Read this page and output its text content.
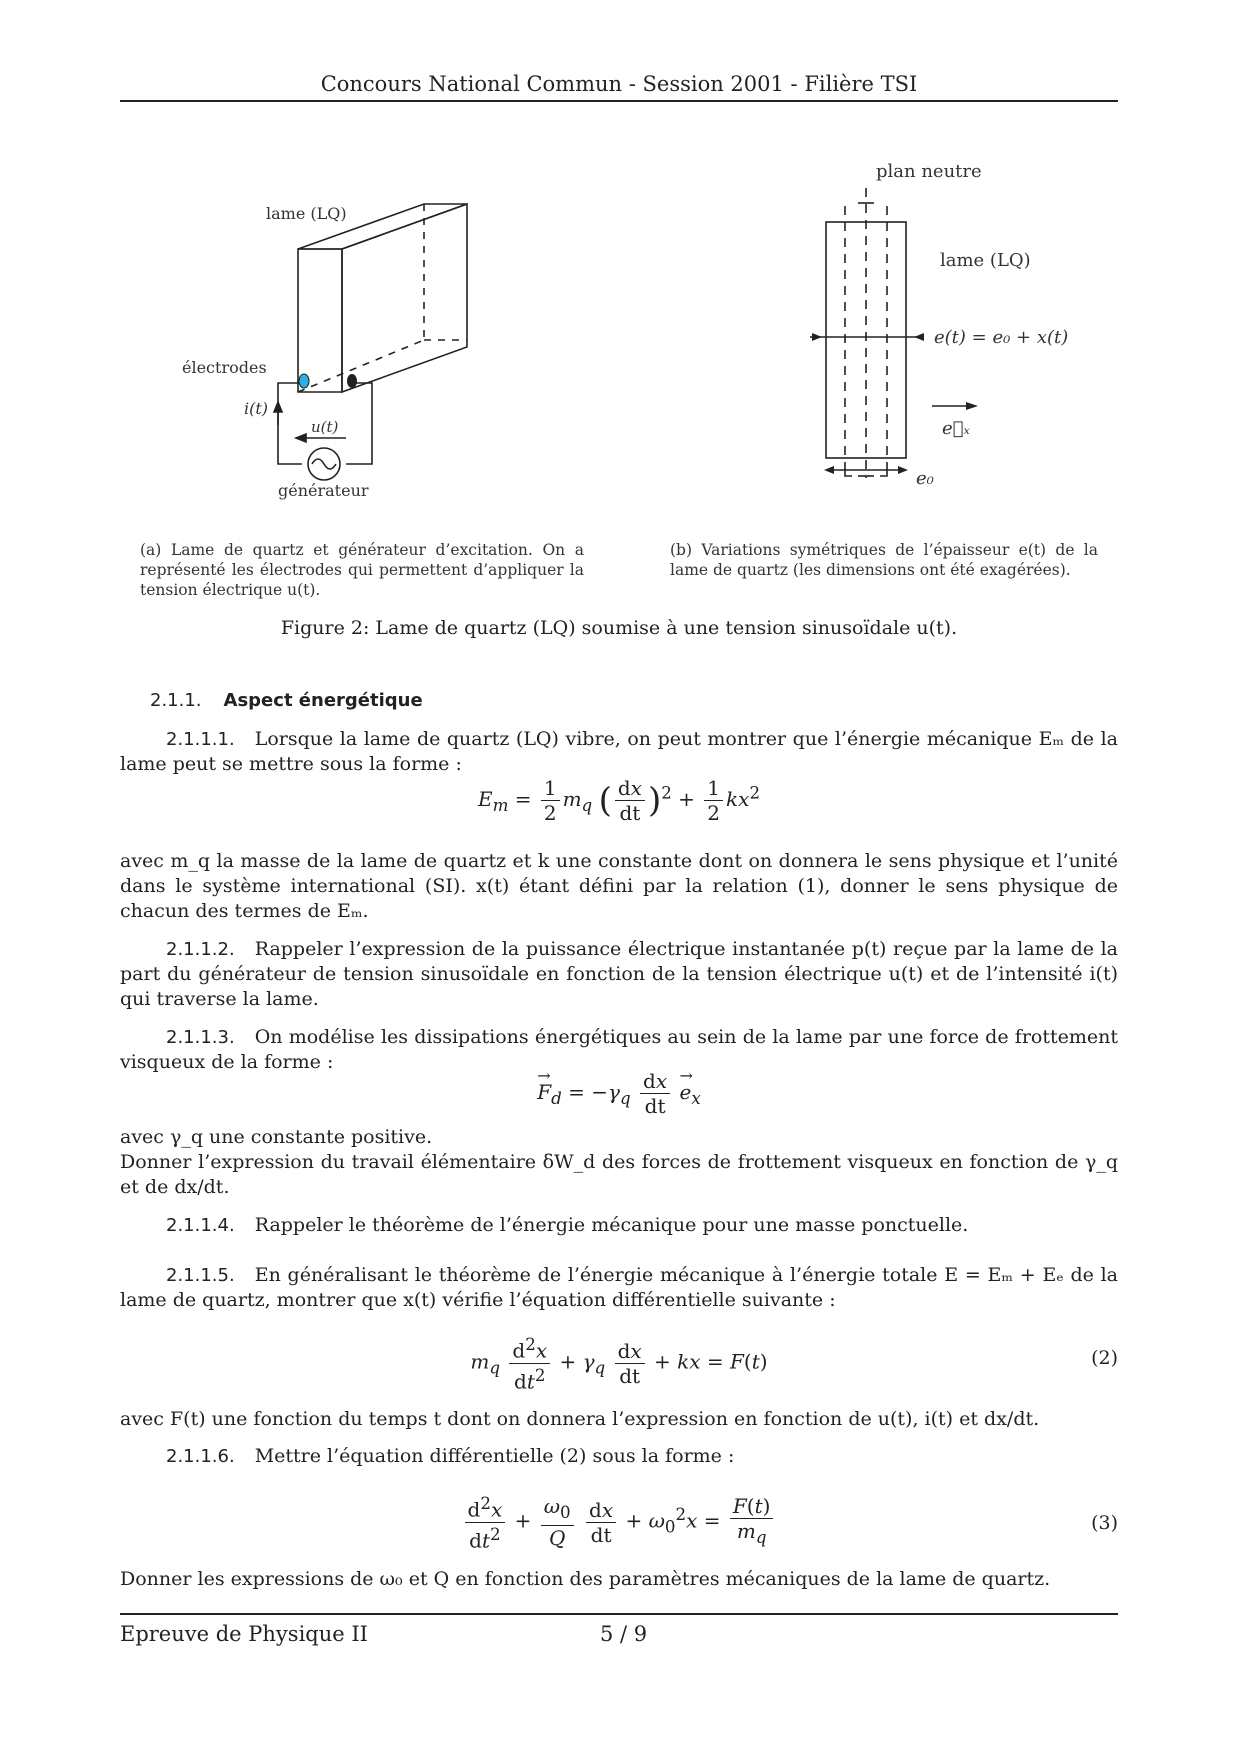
Concours National Commun - Session 2001 - Filière TSI
lame (LQ)
électrodes
i(t)
u(t)
générateur
plan neutre
lame (LQ)
e(t) = e₀ + x(t)
e⃗ₓ
e₀
(a) Lame de quartz et générateur d’excitation. On a représenté les électrodes qui permettent d’appliquer la tension électrique u(t).
(b) Variations symétriques de l’épaisseur e(t) de la lame de quartz (les dimensions ont été exagérées).
Figure 2: Lame de quartz (LQ) soumise à une tension sinusoïdale u(t).
2.1.1. Aspect énergétique
2.1.1.1. Lorsque la lame de quartz (LQ) vibre, on peut montrer que l’énergie mécanique Eₘ de la lame peut se mettre sous la forme :
$E_m = \frac{1}{2} m_q$ ( $\frac{dx}{dt} )^2 + \frac{1}{2} kx^2$
avec m_q la masse de la lame de quartz et k une constante dont on donnera le sens physique et l’unité dans le système international (SI). x(t) étant défini par la relation (1), donner le sens physique de chacun des termes de Eₘ.
2.1.1.2. Rappeler l’expression de la puissance électrique instantanée p(t) reçue par la lame de la part du générateur de tension sinusoïdale en fonction de la tension électrique u(t) et de l’intensité i(t) qui traverse la lame.
2.1.1.3. On modélise les dissipations énergétiques au sein de la lame par une force de frottement visqueux de la forme :
→
$F_d = -\gamma_q \frac{dx}{dt}$
→
$e_x$
avec γ_q une constante positive.
Donner l’expression du travail élémentaire δW_d des forces de frottement visqueux en fonction de γ_q et de dx/dt.
2.1.1.4. Rappeler le théorème de l’énergie mécanique pour une masse ponctuelle.
2.1.1.5. En généralisant le théorème de l’énergie mécanique à l’énergie totale E = Eₘ + Eₑ de la lame de quartz, montrer que x(t) vérifie l’équation différentielle suivante :
$m_q \frac{d^2x}{dt^2} + \gamma_q \frac{dx}{dt}$ + kx = F(t)	(2)
avec F(t) une fonction du temps t dont on donnera l’expression en fonction de u(t), i(t) et dx/dt.
2.1.1.6. Mettre l’équation différentielle (2) sous la forme :
$\frac{d^2x}{dt^2} + \frac{\omega_0}{Q}$
$\frac{dx}{dt} + \omega_0^2x = \frac{F(t)}{m_q}$	(3)
Donner les expressions de ω₀ et Q en fonction des paramètres mécaniques de la lame de quartz.
Epreuve de Physique II	5 / 9
